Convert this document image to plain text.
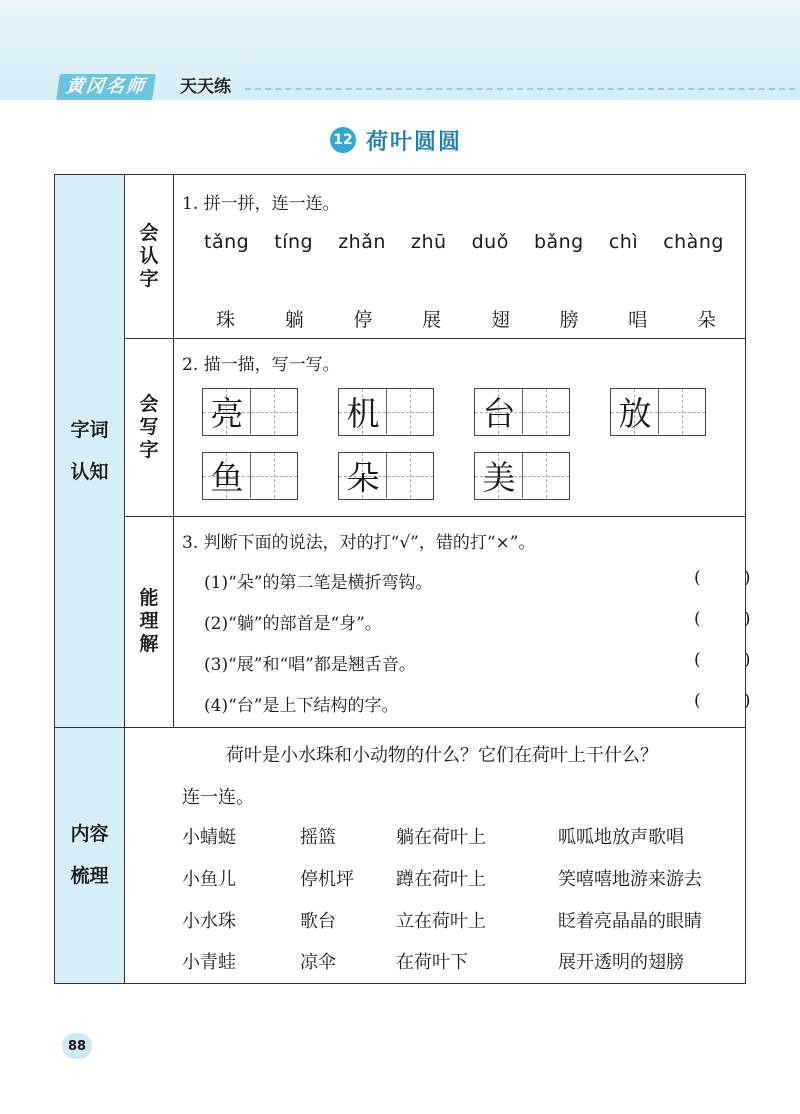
黄冈名师	天天练
12 荷叶圆圆
字词
认知
内容
梳理
会
认
字
会
写
字
能
理
解
1. 拼一拼，连一连。
tǎng tíng zhǎn zhū duǒ bǎng chì chàng
珠	躺	停	展	翅	膀	唱	朵
2. 描一描，写一写。
亮	机	台	放
鱼	朵	美
3. 判断下面的说法，对的打“√”，错的打“×”。
(1)“朵”的第二笔是横折弯钩。	(        )
(2)“躺”的部首是“身”。	(        )
(3)“展”和“唱”都是翘舌音。	(        )
(4)“台”是上下结构的字。	(        )
荷叶是小水珠和小动物的什么？它们在荷叶上干什么？
连一连。
小蜻蜓	摇篮	躺在荷叶上	呱呱地放声歌唱
小鱼儿	停机坪 蹲在荷叶上	笑嘻嘻地游来游去
小水珠	歌台	立在荷叶上	眨着亮晶晶的眼睛
小青蛙	凉伞	在荷叶下	展开透明的翅膀
88
